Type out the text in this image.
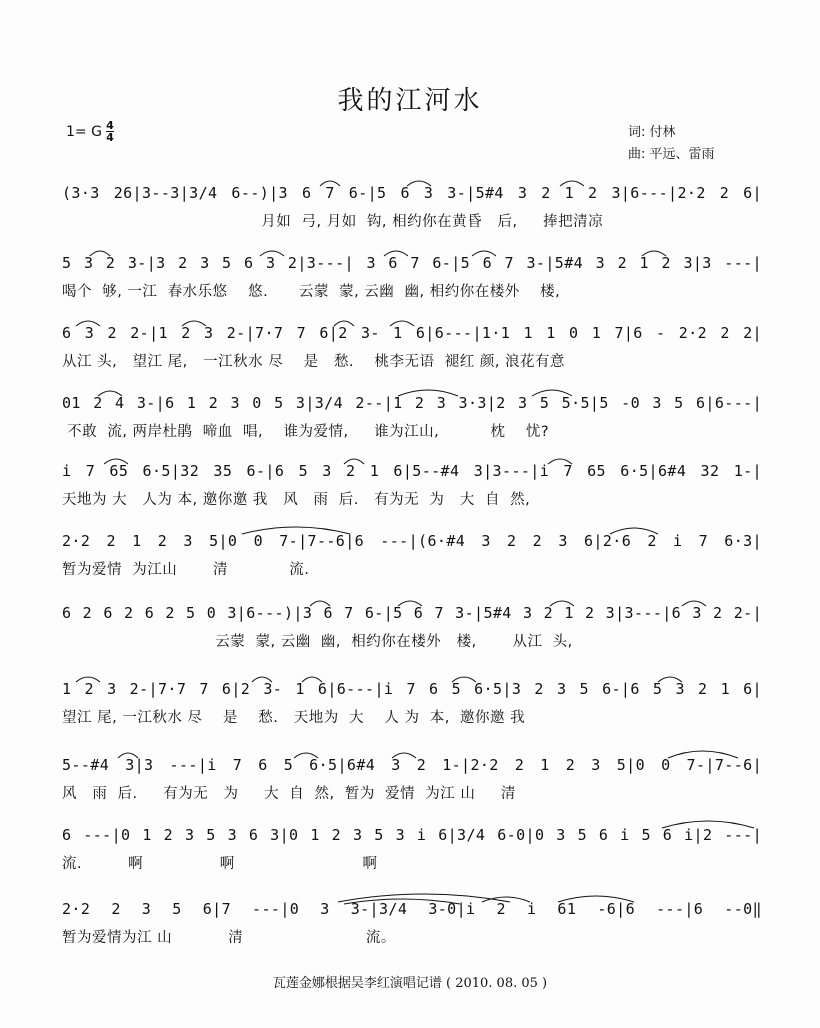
我的江河水
1= G $\frac{4}{4}$	词: 付林
曲: 平远、雷雨
(3·3 26|3--3|3/4 6--)|3 6 7 6-|5 6 3 3-|5#4 3 2 1 2 3|6---|2·2 2 6|
月如  弓, 月如  钩, 相约你在黄昏   后,     捧把清凉
5 3 2 3-|3 2 3 5 6 3 2|3---| 3 6 7 6-|5 6 7 3-|5#4 3 2 1 2 3|3 ---|
喝个  够, 一江  春水乐悠    悠.      云蒙  蒙, 云幽  幽, 相约你在楼外    楼,
6 3 2 2-|1 2 3 2-|7·7 7 6|2 3- 1 6|6---|1·1 1 1 0 1 7|6 - 2·2 2 2|
从江 头,   望江 尾,   一江秋水 尽    是   愁.    桃李无语  褪红 颜, 浪花有意
01 2 4 3-|6 1 2 3 0 5 3|3/4 2--|1 2 3 3·3|2 3 5 5·5|5 -0 3 5 6|6---|
不敢  流, 两岸杜鹃  啼血  唱,    谁为爱情,     谁为江山,          枕    忧?
i 7 65 6·5|32 35 6-|6 5 3 2 1 6|5--#4 3|3---|i 7 65 6·5|6#4 32 1-|
天地为 大   人为 本, 邀你邀 我   风   雨  后.   有为无  为   大  自  然,
2·2 2 1 2 3 5|0 0 7-|7--6|6 ---|(6·#4 3 2 2 3 6|2·6 2 i 7 6·3|
暂为爱情  为江山       清            流.
6 2 6 2 6 2 5 0 3|6---)|3 6 7 6-|5 6 7 3-|5#4 3 2 1 2 3|3---|6 3 2 2-|
云蒙  蒙, 云幽  幽,  相约你在楼外   楼,       从江  头,
1 2 3 2-|7·7 7 6|2 3- 1 6|6---|i 7 6 5 6·5|3 2 3 5 6-|6 5 3 2 1 6|
望江 尾, 一江秋水 尽    是    愁.   天地为  大    人 为  本,  邀你邀 我
5--#4 3|3 ---|i 7 6 5 6·5|6#4 3 2 1-|2·2 2 1 2 3 5|0 0 7-|7--6|
风   雨  后.     有为无   为     大  自  然,  暂为  爱情  为江 山     清
6 ---|0 1 2 3 5 3 6 3|0 1 2 3 5 3 i 6|3/4 6-0|0 3 5 6 i 5 6 i|2 ---|
流.         啊               啊                         啊
2·2 2 3 5 6|7 ---|0 3 3-|3/4 3-0|i 2 i 61 -6|6 ---|6 --0‖
暂为爱情为江 山           清                        流。
瓦莲金娜根据吴李红演唱记谱 ( 2010. 08. 05 )
